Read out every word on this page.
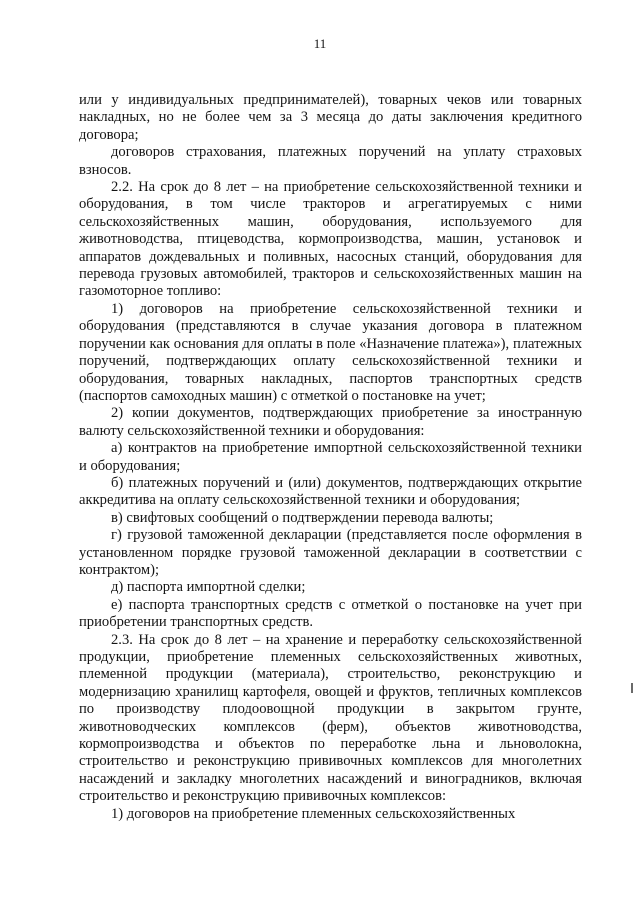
11

или у индивидуальных предпринимателей), товарных чеков или товарных накладных, но не более чем за 3 месяца до даты заключения кредитного договора;

договоров страхования, платежных поручений на уплату страховых взносов.

2.2. На срок до 8 лет – на приобретение сельскохозяйственной техники и оборудования, в том числе тракторов и агрегатируемых с ними сельскохозяйственных машин, оборудования, используемого для животноводства, птицеводства, кормопроизводства, машин, установок и аппаратов дождевальных и поливных, насосных станций, оборудования для перевода грузовых автомобилей, тракторов и сельскохозяйственных машин на газомоторное топливо:

1) договоров на приобретение сельскохозяйственной техники и оборудования (представляются в случае указания договора в платежном поручении как основания для оплаты в поле «Назначение платежа»), платежных поручений, подтверждающих оплату сельскохозяйственной техники и оборудования, товарных накладных, паспортов транспортных средств (паспортов самоходных машин) с отметкой о постановке на учет;

2) копии документов, подтверждающих приобретение за иностранную валюту сельскохозяйственной техники и оборудования:

а) контрактов на приобретение импортной сельскохозяйственной техники и оборудования;

б) платежных поручений и (или) документов, подтверждающих открытие аккредитива на оплату сельскохозяйственной техники и оборудования;

в) свифтовых сообщений о подтверждении перевода валюты;

г) грузовой таможенной декларации (представляется после оформления в установленном порядке грузовой таможенной декларации в соответствии с контрактом);

д) паспорта импортной сделки;

е) паспорта транспортных средств с отметкой о постановке на учет при приобретении транспортных средств.

2.3. На срок до 8 лет – на хранение и переработку сельскохозяйственной продукции, приобретение племенных сельскохозяйственных животных, племенной продукции (материала), строительство, реконструкцию и модернизацию хранилищ картофеля, овощей и фруктов, тепличных комплексов по производству плодоовощной продукции в закрытом грунте, животноводческих комплексов (ферм), объектов животноводства, кормопроизводства и объектов по переработке льна и льноволокна, строительство и реконструкцию прививочных комплексов для многолетних насаждений и закладку многолетних насаждений и виноградников, включая строительство и реконструкцию прививочных комплексов:

1) договоров на приобретение племенных сельскохозяйственных
